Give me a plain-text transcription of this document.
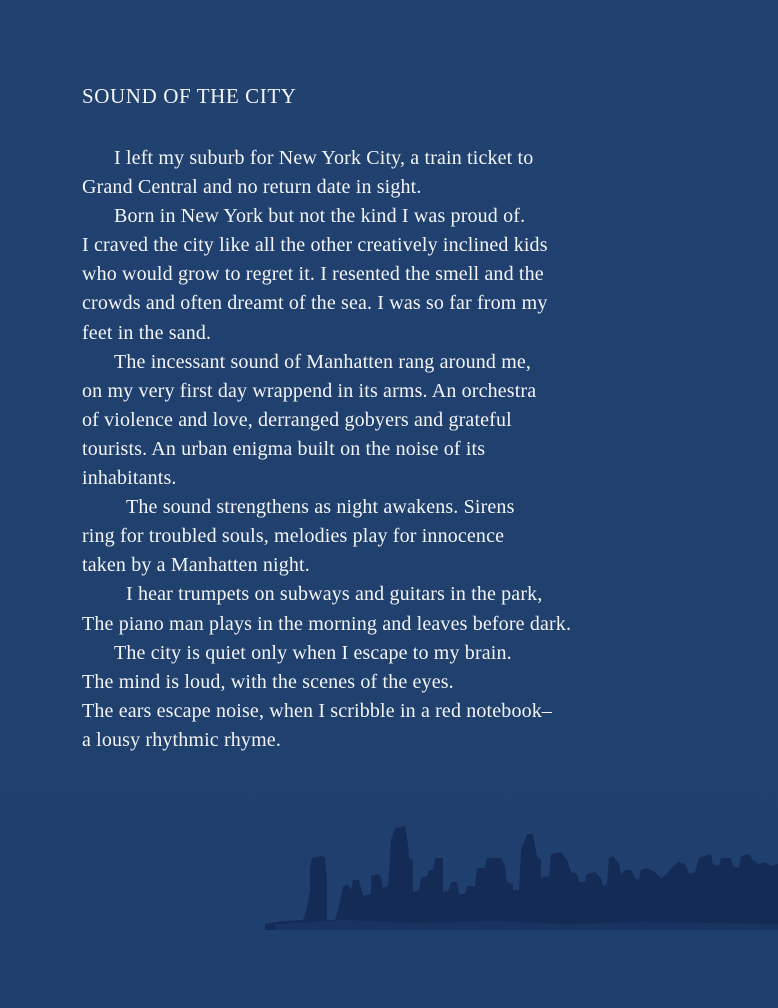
SOUND OF THE CITY
I left my suburb for New York City, a train ticket to
Grand Central and no return date in sight.
Born in New York but not the kind I was proud of.
I craved the city like all the other creatively inclined kids
who would grow to regret it. I resented the smell and the
crowds and often dreamt of the sea. I was so far from my
feet in the sand.
The incessant sound of Manhatten rang around me,
on my very first day wrappend in its arms. An orchestra
of violence and love, derranged gobyers and grateful
tourists. An urban enigma built on the noise of its
inhabitants.
The sound strengthens as night awakens. Sirens
ring for troubled souls, melodies play for innocence
taken by a Manhatten night.
I hear trumpets on subways and guitars in the park,
The piano man plays in the morning and leaves before dark.
The city is quiet only when I escape to my brain.
The mind is loud, with the scenes of the eyes.
The ears escape noise, when I scribble in a red notebook–
a lousy rhythmic rhyme.
